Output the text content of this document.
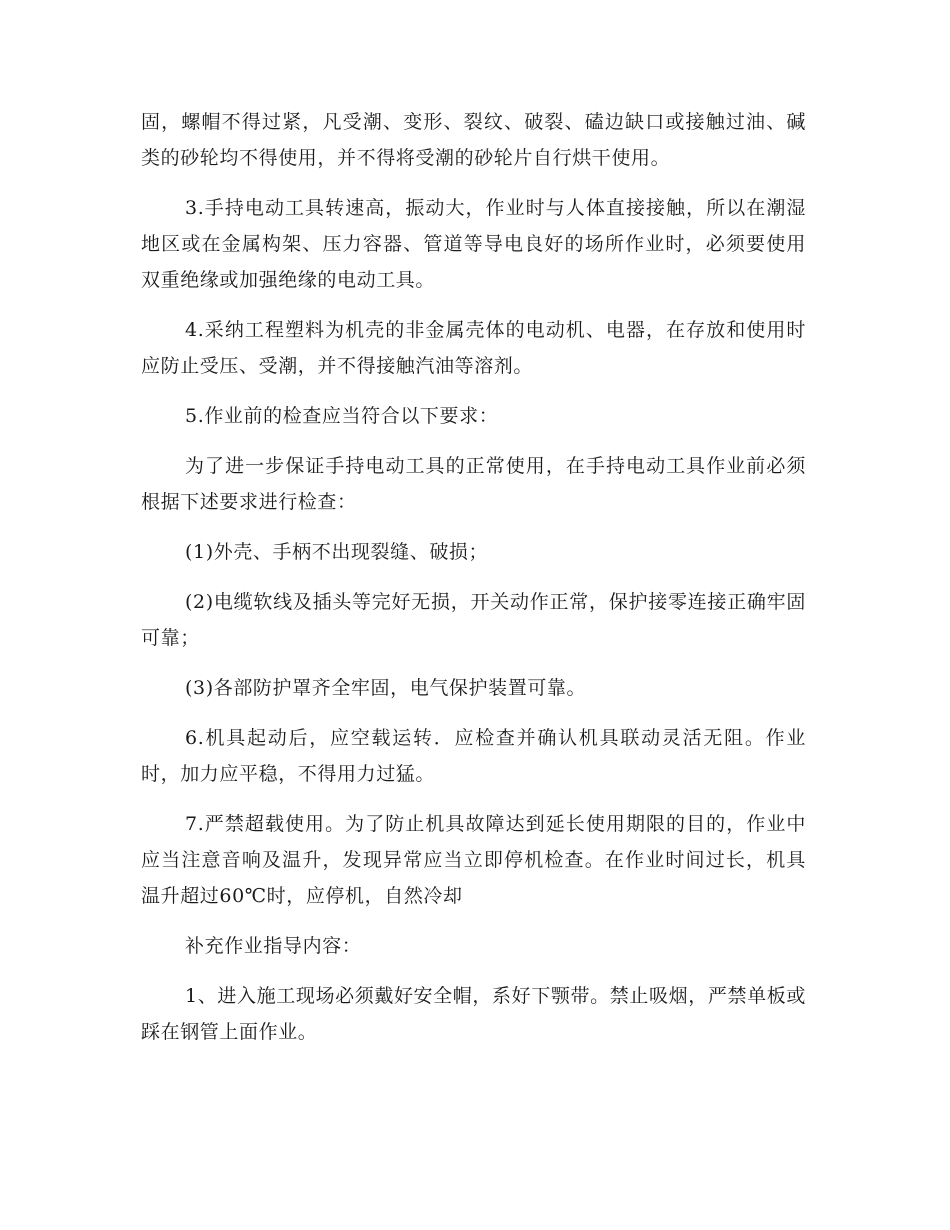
固，螺帽不得过紧，凡受潮、变形、裂纹、破裂、磕边缺口或接触过油、碱类的砂轮均不得使用，并不得将受潮的砂轮片自行烘干使用。

3.手持电动工具转速高，振动大，作业时与人体直接接触，所以在潮湿地区或在金属构架、压力容器、管道等导电良好的场所作业时，必须要使用双重绝缘或加强绝缘的电动工具。

4.采纳工程塑料为机壳的非金属壳体的电动机、电器，在存放和使用时应防止受压、受潮，并不得接触汽油等溶剂。

5.作业前的检查应当符合以下要求：

为了进一步保证手持电动工具的正常使用，在手持电动工具作业前必须根据下述要求进行检查：

(1)外壳、手柄不出现裂缝、破损；

(2)电缆软线及插头等完好无损，开关动作正常，保护接零连接正确牢固可靠；

(3)各部防护罩齐全牢固，电气保护装置可靠。

6.机具起动后，应空载运转．应检查并确认机具联动灵活无阻。作业时，加力应平稳，不得用力过猛。

7.严禁超载使用。为了防止机具故障达到延长使用期限的目的，作业中应当注意音响及温升，发现异常应当立即停机检查。在作业时间过长，机具温升超过60℃时，应停机，自然冷却

补充作业指导内容：

1、进入施工现场必须戴好安全帽，系好下颚带。禁止吸烟，严禁单板或踩在钢管上面作业。
